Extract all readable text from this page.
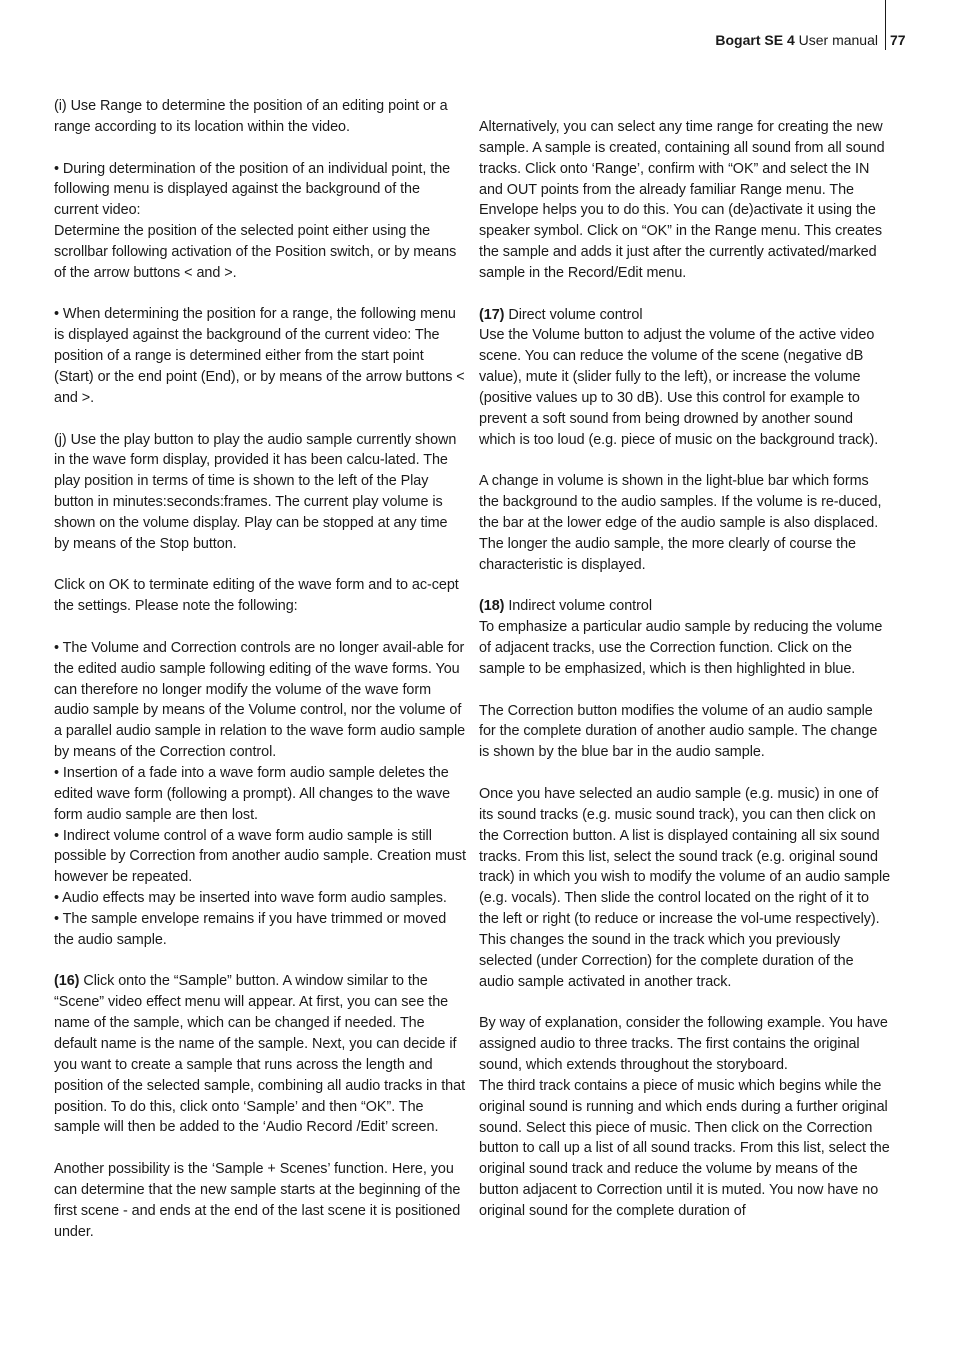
Bogart SE 4 User manual 77

(i) Use Range to determine the position of an editing point or a range according to its location within the video.

• During determination of the position of an individual point, the following menu is displayed against the background of the current video:

Determine the position of the selected point either using the scrollbar following activation of the Position switch, or by means of the arrow buttons < and >.

• When determining the position for a range, the following menu is displayed against the background of the current video: The position of a range is determined either from the start point (Start) or the end point (End), or by means of the arrow buttons < and >.

(j) Use the play button to play the audio sample currently shown in the wave form display, provided it has been calcu-lated. The play position in terms of time is shown to the left of the Play button in minutes:seconds:frames. The current play volume is shown on the volume display. Play can be stopped at any time by means of the Stop button.

Click on OK to terminate editing of the wave form and to ac-cept the settings. Please note the following:

• The Volume and Correction controls are no longer avail-able for the edited audio sample following editing of the wave forms. You can therefore no longer modify the volume of the wave form audio sample by means of the Volume control, nor the volume of a parallel audio sample in relation to the wave form audio sample by means of the Correction control.

• Insertion of a fade into a wave form audio sample deletes the edited wave form (following a prompt). All changes to the wave form audio sample are then lost.

• Indirect volume control of a wave form audio sample is still possible by Correction from another audio sample. Creation must however be repeated.

• Audio effects may be inserted into wave form audio samples.

• The sample envelope remains if you have trimmed or moved the audio sample.

(16) Click onto the “Sample” button. A window similar to the “Scene” video effect menu will appear. At first, you can see the name of the sample, which can be changed if needed. The default name is the name of the sample. Next, you can decide if you want to create a sample that runs across the length and position of the selected sample, combining all audio tracks in that position. To do this, click onto ‘Sample’ and then “OK”. The sample will then be added to the ‘Audio Record /Edit’ screen.

Another possibility is the ‘Sample + Scenes’ function. Here, you can determine that the new sample starts at the beginning of the first scene - and ends at the end of the last scene it is positioned under.

Alternatively, you can select any time range for creating the new sample. A sample is created, containing all sound from all sound tracks. Click onto ‘Range’, confirm with “OK” and select the IN and OUT points from the already familiar Range menu. The Envelope helps you to do this. You can (de)activate it using the speaker symbol. Click on “OK” in the Range menu. This creates the sample and adds it just after the currently activated/marked sample in the Record/Edit menu.

(17) Direct volume control

Use the Volume button to adjust the volume of the active video scene. You can reduce the volume of the scene (negative dB value), mute it (slider fully to the left), or increase the volume (positive values up to 30 dB). Use this control for example to prevent a soft sound from being drowned by another sound which is too loud (e.g. piece of music on the background track).

A change in volume is shown in the light-blue bar which forms the background to the audio samples. If the volume is re-duced, the bar at the lower edge of the audio sample is also displaced. The longer the audio sample, the more clearly of course the characteristic is displayed.

(18) Indirect volume control

To emphasize a particular audio sample by reducing the volume of adjacent tracks, use the Correction function. Click on the sample to be emphasized, which is then highlighted in blue.

The Correction button modifies the volume of an audio sample for the complete duration of another audio sample. The change is shown by the blue bar in the audio sample.

Once you have selected an audio sample (e.g. music) in one of its sound tracks (e.g. music sound track), you can then click on the Correction button. A list is displayed containing all six sound tracks. From this list, select the sound track (e.g. original sound track) in which you wish to modify the volume of an audio sample (e.g. vocals). Then slide the control located on the right of it to the left or right (to reduce or increase the vol-ume respectively). This changes the sound in the track which you previously selected (under Correction) for the complete duration of the audio sample activated in another track.

By way of explanation, consider the following example. You have assigned audio to three tracks. The first contains the original sound, which extends throughout the storyboard.

The third track contains a piece of music which begins while the original sound is running and which ends during a further original sound. Select this piece of music. Then click on the Correction button to call up a list of all sound tracks. From this list, select the original sound track and reduce the volume by means of the button adjacent to Correction until it is muted. You now have no original sound for the complete duration of
